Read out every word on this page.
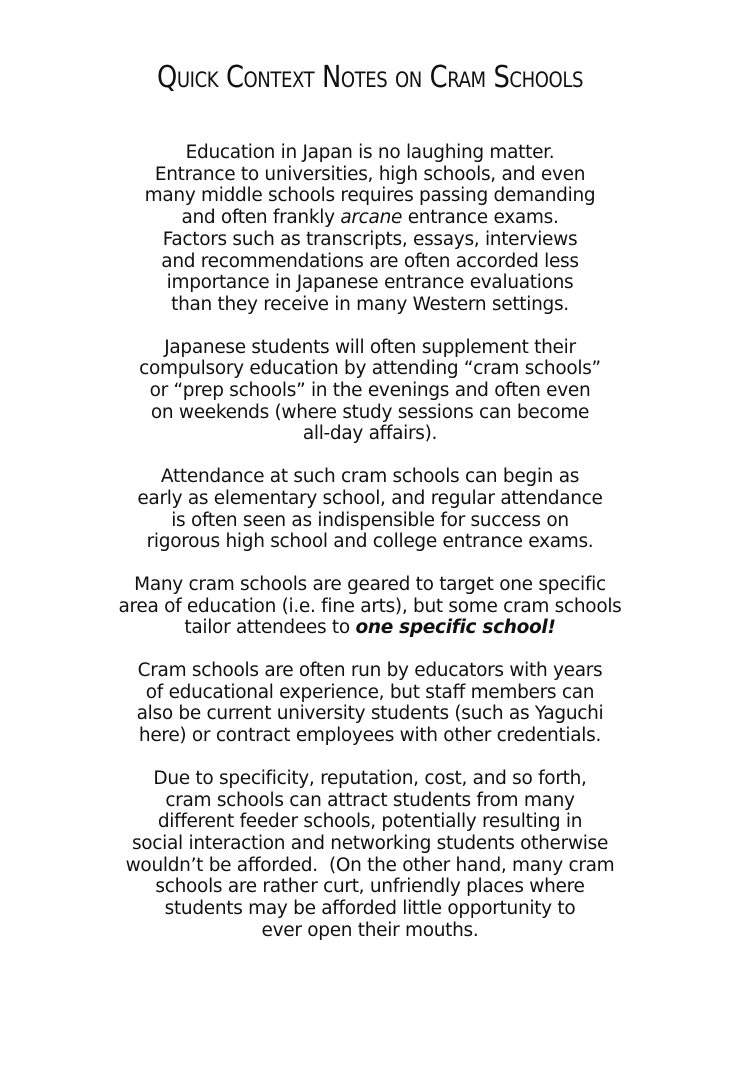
Quick Context Notes on Cram Schools

Education in Japan is no laughing matter.
Entrance to universities, high schools, and even
many middle schools requires passing demanding
and often frankly arcane entrance exams.
Factors such as transcripts, essays, interviews
and recommendations are often accorded less
importance in Japanese entrance evaluations
than they receive in many Western settings.

Japanese students will often supplement their
compulsory education by attending “cram schools”
or “prep schools” in the evenings and often even
on weekends (where study sessions can become
all-day affairs).

Attendance at such cram schools can begin as
early as elementary school, and regular attendance
is often seen as indispensible for success on
rigorous high school and college entrance exams.

Many cram schools are geared to target one specific
area of education (i.e. fine arts), but some cram schools
tailor attendees to one specific school!

Cram schools are often run by educators with years
of educational experience, but staff members can
also be current university students (such as Yaguchi
here) or contract employees with other credentials.

Due to specificity, reputation, cost, and so forth,
cram schools can attract students from many
different feeder schools, potentially resulting in
social interaction and networking students otherwise
wouldn’t be afforded.  (On the other hand, many cram
schools are rather curt, unfriendly places where
students may be afforded little opportunity to
ever open their mouths.
